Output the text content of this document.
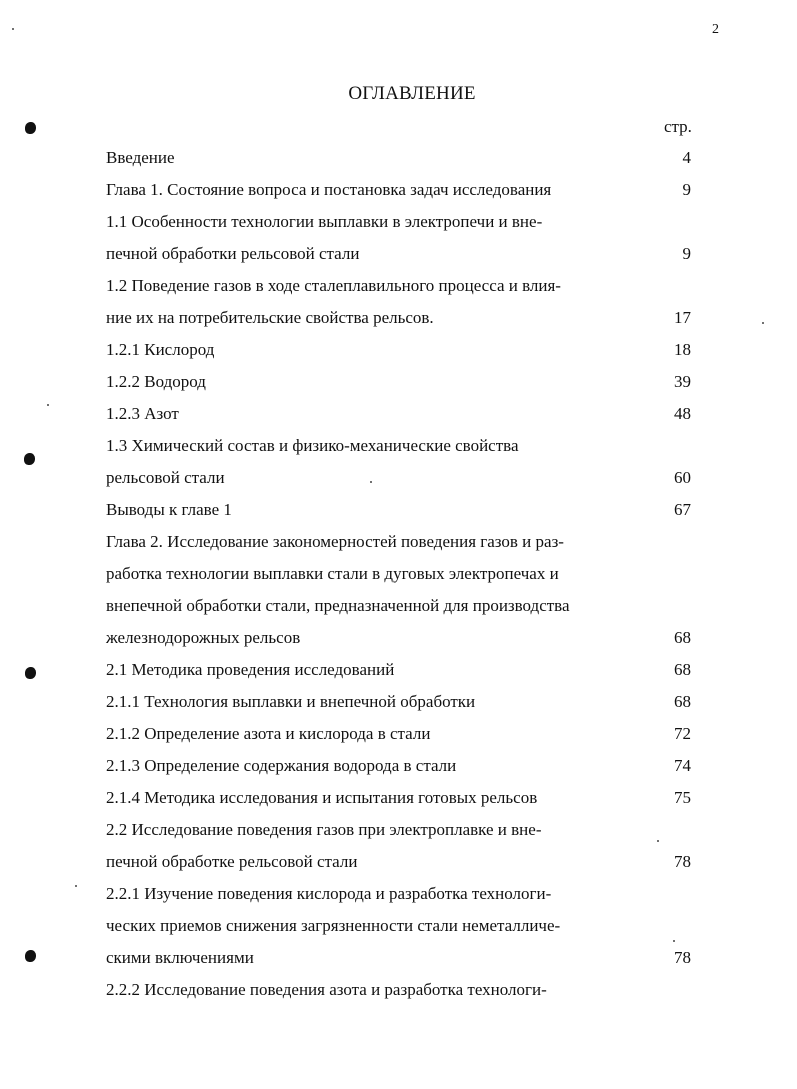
2
ОГЛАВЛЕНИЕ
стр.
Введение	4
Глава 1. Состояние вопроса и постановка задач исследования	9
1.1 Особенности технологии выплавки в электропечи и вне-
печной обработки рельсовой стали	9
1.2 Поведение газов в ходе сталеплавильного процесса и влия-
ние их на потребительские свойства рельсов.	17
1.2.1 Кислород	18
1.2.2 Водород	39
1.2.3 Азот	48
1.3 Химический состав и физико-механические свойства
рельсовой стали	60
Выводы к главе 1	67
Глава 2. Исследование закономерностей поведения газов и раз-
работка технологии выплавки стали в дуговых электропечах и
внепечной обработки стали, предназначенной для производства
железнодорожных рельсов	68
2.1 Методика проведения исследований	68
2.1.1 Технология выплавки и внепечной обработки	68
2.1.2 Определение азота и кислорода в стали	72
2.1.3 Определение содержания водорода в стали	74
2.1.4 Методика исследования и испытания готовых рельсов	75
2.2 Исследование поведения газов при электроплавке и вне-
печной обработке рельсовой стали	78
2.2.1 Изучение поведения кислорода и разработка технологи-
ческих приемов снижения загрязненности стали неметалличе-
скими включениями	78
2.2.2 Исследование поведения азота и разработка технологи-
